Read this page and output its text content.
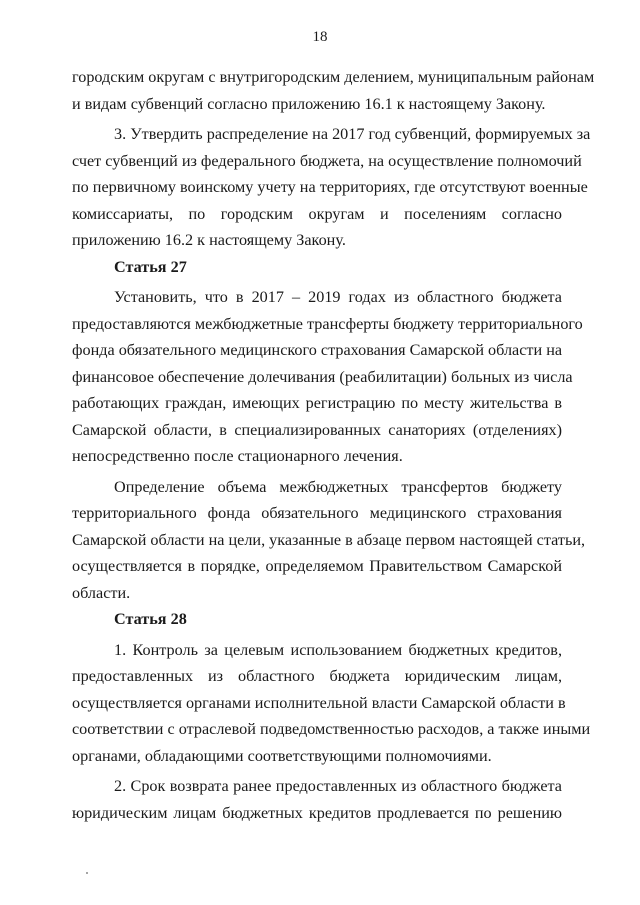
18
городским округам с внутригородским делением, муниципальным районам
и видам субвенций согласно приложению 16.1 к настоящему Закону.
3. Утвердить распределение на 2017 год субвенций, формируемых за
счет субвенций из федерального бюджета, на осуществление полномочий
по первичному воинскому учету на территориях, где отсутствуют военные
комиссариаты, по городским округам и поселениям согласно
приложению 16.2 к настоящему Закону.
Статья 27
Установить, что в 2017 – 2019 годах из областного бюджета
предоставляются межбюджетные трансферты бюджету территориального
фонда обязательного медицинского страхования Самарской области на
финансовое обеспечение долечивания (реабилитации) больных из числа
работающих граждан, имеющих регистрацию по месту жительства в
Самарской области, в специализированных санаториях (отделениях)
непосредственно после стационарного лечения.
Определение объема межбюджетных трансфертов бюджету
территориального фонда обязательного медицинского страхования
Самарской области на цели, указанные в абзаце первом настоящей статьи,
осуществляется в порядке, определяемом Правительством Самарской
области.
Статья 28
1. Контроль за целевым использованием бюджетных кредитов,
предоставленных из областного бюджета юридическим лицам,
осуществляется органами исполнительной власти Самарской области в
соответствии с отраслевой подведомственностью расходов, а также иными
органами, обладающими соответствующими полномочиями.
2. Срок возврата ранее предоставленных из областного бюджета
юридическим лицам бюджетных кредитов продлевается по решению
